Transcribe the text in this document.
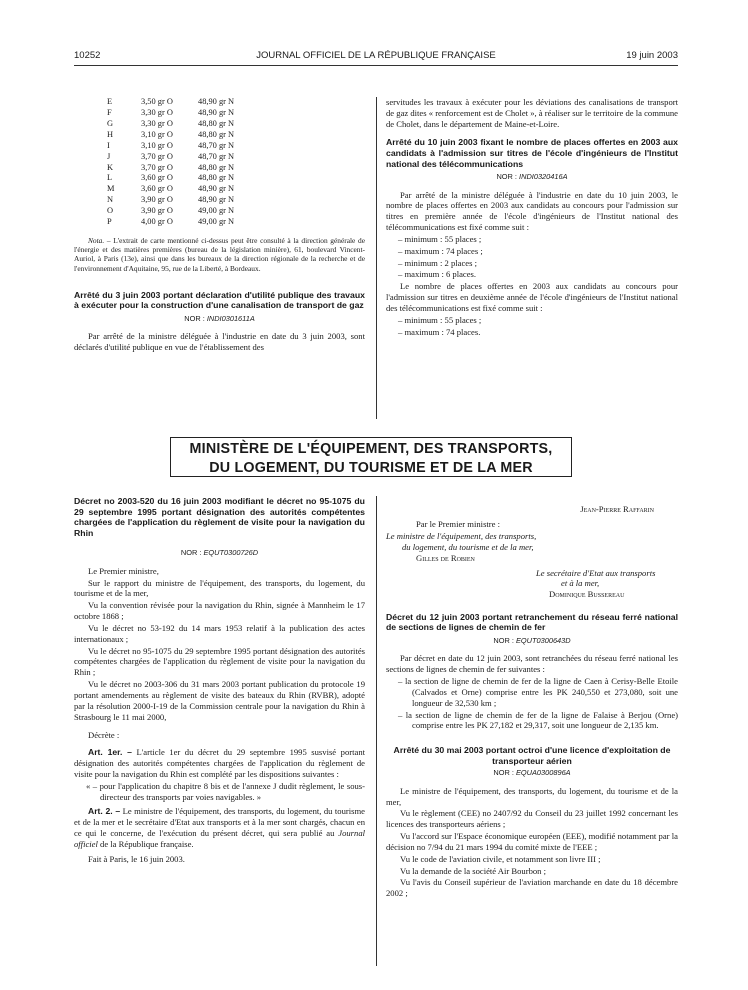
10252	JOURNAL OFFICIEL DE LA RÉPUBLIQUE FRANÇAISE	19 juin 2003
E	3,50 gr O	48,90 gr N
F	3,30 gr O	48,90 gr N
G	3,30 gr O	48,80 gr N
H	3,10 gr O	48,80 gr N
I	3,10 gr O	48,70 gr N
J	3,70 gr O	48,70 gr N
K	3,70 gr O	48,80 gr N
L	3,60 gr O	48,80 gr N
M	3,60 gr O	48,90 gr N
N	3,90 gr O	48,90 gr N
O	3,90 gr O	49,00 gr N
P	4,00 gr O	49,00 gr N

Nota. – L'extrait de carte mentionné ci-dessus peut être consulté à la direction générale de l'énergie et des matières premières (bureau de la législation minière), 61, boulevard Vincent-Auriol, à Paris (13e), ainsi que dans les bureaux de la direction régionale de la recherche et de l'environnement d'Aquitaine, 95, rue de la Liberté, à Bordeaux.

Arrêté du 3 juin 2003 portant déclaration d'utilité publique des travaux à exécuter pour la construction d'une canalisation de transport de gaz
NOR : INDI0301611A

Par arrêté de la ministre déléguée à l'industrie en date du 3 juin 2003, sont déclarés d'utilité publique en vue de l'établissement des

servitudes les travaux à exécuter pour les déviations des canalisations de transport de gaz dites « renforcement est de Cholet », à réaliser sur le territoire de la commune de Cholet, dans le département de Maine-et-Loire.

Arrêté du 10 juin 2003 fixant le nombre de places offertes en 2003 aux candidats à l'admission sur titres de l'école d'ingénieurs de l'Institut national des télécommunications
NOR : INDI0320416A

Par arrêté de la ministre déléguée à l'industrie en date du 10 juin 2003, le nombre de places offertes en 2003 aux candidats au concours pour l'admission sur titres en première année de l'école d'ingénieurs de l'Institut national des télécommunications est fixé comme suit :

– minimum : 55 places ;

– maximum : 74 places ;

– minimum : 2 places ;

– maximum : 6 places.

Le nombre de places offertes en 2003 aux candidats au concours pour l'admission sur titres en deuxième année de l'école d'ingénieurs de l'Institut national des télécommunications est fixé comme suit :

– minimum : 55 places ;

– maximum : 74 places.

MINISTÈRE DE L'ÉQUIPEMENT, DES TRANSPORTS,
DU LOGEMENT, DU TOURISME ET DE LA MER
Décret no 2003-520 du 16 juin 2003 modifiant le décret no 95-1075 du 29 septembre 1995 portant désignation des autorités compétentes chargées de l'application du règlement de visite pour la navigation du Rhin
NOR : EQUT0300726D

Le Premier ministre,

Sur le rapport du ministre de l'équipement, des transports, du logement, du tourisme et de la mer,

Vu la convention révisée pour la navigation du Rhin, signée à Mannheim le 17 octobre 1868 ;

Vu le décret no 53-192 du 14 mars 1953 relatif à la publication des actes internationaux ;

Vu le décret no 95-1075 du 29 septembre 1995 portant désignation des autorités compétentes chargées de l'application du règlement de visite pour la navigation du Rhin ;

Vu le décret no 2003-306 du 31 mars 2003 portant publication du protocole 19 portant amendements au règlement de visite des bateaux du Rhin (RVBR), adopté par la résolution 2000-I-19 de la Commission centrale pour la navigation du Rhin à Strasbourg le 11 mai 2000,

Décrète :

Art. 1er. – L'article 1er du décret du 29 septembre 1995 susvisé portant désignation des autorités compétentes chargées de l'application du règlement de visite pour la navigation du Rhin est complété par les dispositions suivantes :

« – pour l'application du chapitre 8 bis et de l'annexe J dudit règlement, le sous-directeur des transports par voies navigables. »

Art. 2. – Le ministre de l'équipement, des transports, du logement, du tourisme et de la mer et le secrétaire d'Etat aux transports et à la mer sont chargés, chacun en ce qui le concerne, de l'exécution du présent décret, qui sera publié au Journal officiel de la République française.

Fait à Paris, le 16 juin 2003.

Jean-Pierre Raffarin
Par le Premier ministre :
Le ministre de l'équipement, des transports,
du logement, du tourisme et de la mer,
Gilles de Robien
Le secrétaire d'Etat aux transports
et à la mer,
Dominique Bussereau
Décret du 12 juin 2003 portant retranchement du réseau ferré national de sections de lignes de chemin de fer
NOR : EQUT0300643D

Par décret en date du 12 juin 2003, sont retranchées du réseau ferré national les sections de lignes de chemin de fer suivantes :

– la section de ligne de chemin de fer de la ligne de Caen à Cerisy-Belle Etoile (Calvados et Orne) comprise entre les PK 240,550 et 273,080, soit une longueur de 32,530 km ;

– la section de ligne de chemin de fer de la ligne de Falaise à Berjou (Orne) comprise entre les PK 27,182 et 29,317, soit une longueur de 2,135 km.

Arrêté du 30 mai 2003 portant octroi d'une licence d'exploitation de transporteur aérien
NOR : EQUA0300896A

Le ministre de l'équipement, des transports, du logement, du tourisme et de la mer,

Vu le règlement (CEE) no 2407/92 du Conseil du 23 juillet 1992 concernant les licences des transporteurs aériens ;

Vu l'accord sur l'Espace économique européen (EEE), modifié notamment par la décision no 7/94 du 21 mars 1994 du comité mixte de l'EEE ;

Vu le code de l'aviation civile, et notamment son livre III ;

Vu la demande de la société Air Bourbon ;

Vu l'avis du Conseil supérieur de l'aviation marchande en date du 18 décembre 2002 ;
